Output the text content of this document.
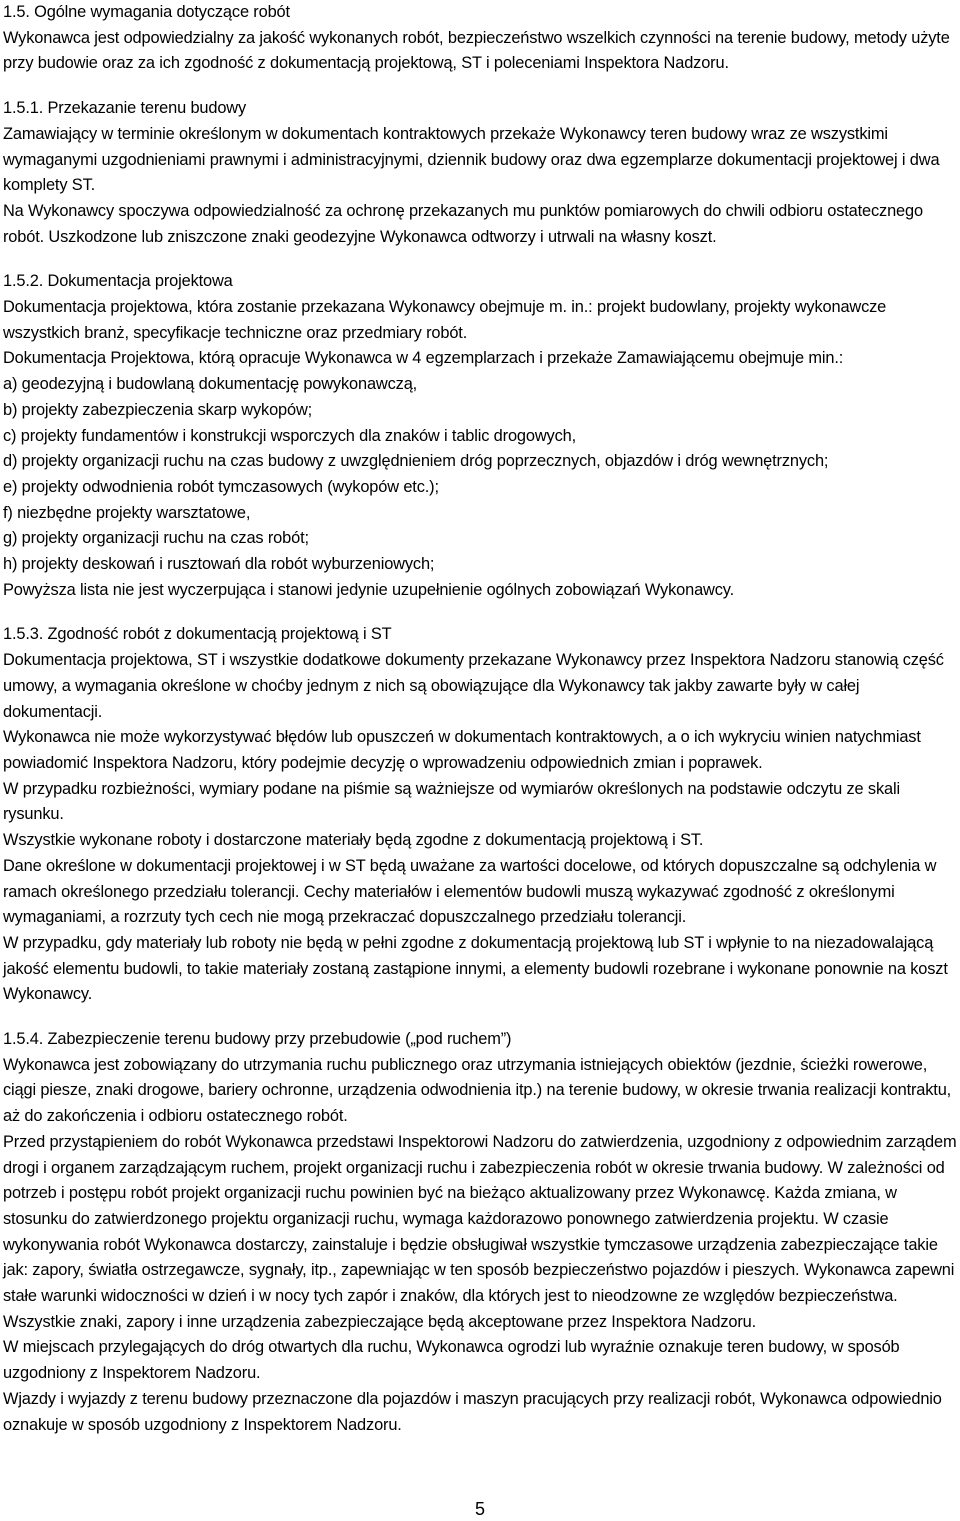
1.5. Ogólne wymagania dotyczące robót

Wykonawca jest odpowiedzialny za jakość wykonanych robót, bezpieczeństwo wszelkich czynności na terenie budowy, metody użyte przy budowie oraz za ich zgodność z dokumentacją projektową, ST i poleceniami Inspektora Nadzoru.

1.5.1. Przekazanie terenu budowy

Zamawiający w terminie określonym w dokumentach kontraktowych przekaże Wykonawcy teren budowy wraz ze wszystkimi wymaganymi uzgodnieniami prawnymi i administracyjnymi, dziennik budowy oraz dwa egzemplarze dokumentacji projektowej i dwa komplety ST.

Na Wykonawcy spoczywa odpowiedzialność za ochronę przekazanych mu punktów pomiarowych do chwili odbioru ostatecznego robót. Uszkodzone lub zniszczone znaki geodezyjne Wykonawca odtworzy i utrwali na własny koszt.

1.5.2. Dokumentacja projektowa

Dokumentacja projektowa, która zostanie przekazana Wykonawcy obejmuje m. in.: projekt budowlany, projekty wykonawcze wszystkich branż, specyfikacje techniczne oraz przedmiary robót.

Dokumentacja Projektowa, którą opracuje Wykonawca w 4 egzemplarzach i przekaże Zamawiającemu obejmuje min.:

a) geodezyjną i budowlaną dokumentację powykonawczą,

b) projekty zabezpieczenia skarp wykopów;

c) projekty fundamentów i konstrukcji wsporczych dla znaków i tablic drogowych,

d) projekty organizacji ruchu na czas budowy z uwzględnieniem dróg poprzecznych, objazdów i dróg wewnętrznych;

e) projekty odwodnienia robót tymczasowych (wykopów etc.);

f) niezbędne projekty warsztatowe,

g) projekty organizacji ruchu na czas robót;

h) projekty deskowań i rusztowań dla robót wyburzeniowych;

Powyższa lista nie jest wyczerpująca i stanowi jedynie uzupełnienie ogólnych zobowiązań Wykonawcy.

1.5.3. Zgodność robót z dokumentacją projektową i ST

Dokumentacja projektowa, ST i wszystkie dodatkowe dokumenty przekazane Wykonawcy przez Inspektora Nadzoru stanowią część umowy, a wymagania określone w choćby jednym z nich są obowiązujące dla Wykonawcy tak jakby zawarte były w całej dokumentacji.

Wykonawca nie może wykorzystywać błędów lub opuszczeń w dokumentach kontraktowych, a o ich wykryciu winien natychmiast powiadomić Inspektora Nadzoru, który podejmie decyzję o wprowadzeniu odpowiednich zmian i poprawek.

W przypadku rozbieżności, wymiary podane na piśmie są ważniejsze od wymiarów określonych na podstawie odczytu ze skali rysunku.

Wszystkie wykonane roboty i dostarczone materiały będą zgodne z dokumentacją projektową i ST.

Dane określone w dokumentacji projektowej i w ST będą uważane za wartości docelowe, od których dopuszczalne są odchylenia w ramach określonego przedziału tolerancji. Cechy materiałów i elementów budowli muszą wykazywać zgodność z określonymi wymaganiami, a rozrzuty tych cech nie mogą przekraczać dopuszczalnego przedziału tolerancji.

W przypadku, gdy materiały lub roboty nie będą w pełni zgodne z dokumentacją projektową lub ST i wpłynie to na niezadowalającą jakość elementu budowli, to takie materiały zostaną zastąpione innymi, a elementy budowli rozebrane i wykonane ponownie na koszt Wykonawcy.

1.5.4. Zabezpieczenie terenu budowy przy przebudowie („pod ruchem”)

Wykonawca jest zobowiązany do utrzymania ruchu publicznego oraz utrzymania istniejących obiektów (jezdnie, ścieżki rowerowe, ciągi piesze, znaki drogowe, bariery ochronne, urządzenia odwodnienia itp.) na terenie budowy, w okresie trwania realizacji kontraktu, aż do zakończenia i odbioru ostatecznego robót.

Przed przystąpieniem do robót Wykonawca przedstawi Inspektorowi Nadzoru do zatwierdzenia, uzgodniony z odpowiednim zarządem drogi i organem zarządzającym ruchem, projekt organizacji ruchu i zabezpieczenia robót w okresie trwania budowy. W zależności od potrzeb i postępu robót projekt organizacji ruchu powinien być na bieżąco aktualizowany przez Wykonawcę. Każda zmiana, w stosunku do zatwierdzonego projektu organizacji ruchu, wymaga każdorazowo ponownego zatwierdzenia projektu. W czasie wykonywania robót Wykonawca dostarczy, zainstaluje i będzie obsługiwał wszystkie tymczasowe urządzenia zabezpieczające takie jak: zapory, światła ostrzegawcze, sygnały, itp., zapewniając w ten sposób bezpieczeństwo pojazdów i pieszych. Wykonawca zapewni stałe warunki widoczności w dzień i w nocy tych zapór i znaków, dla których jest to nieodzowne ze względów bezpieczeństwa. Wszystkie znaki, zapory i inne urządzenia zabezpieczające będą akceptowane przez Inspektora Nadzoru.

W miejscach przylegających do dróg otwartych dla ruchu, Wykonawca ogrodzi lub wyraźnie oznakuje teren budowy, w sposób uzgodniony z Inspektorem Nadzoru.

Wjazdy i wyjazdy z terenu budowy przeznaczone dla pojazdów i maszyn pracujących przy realizacji robót, Wykonawca odpowiednio oznakuje w sposób uzgodniony z Inspektorem Nadzoru.

5
